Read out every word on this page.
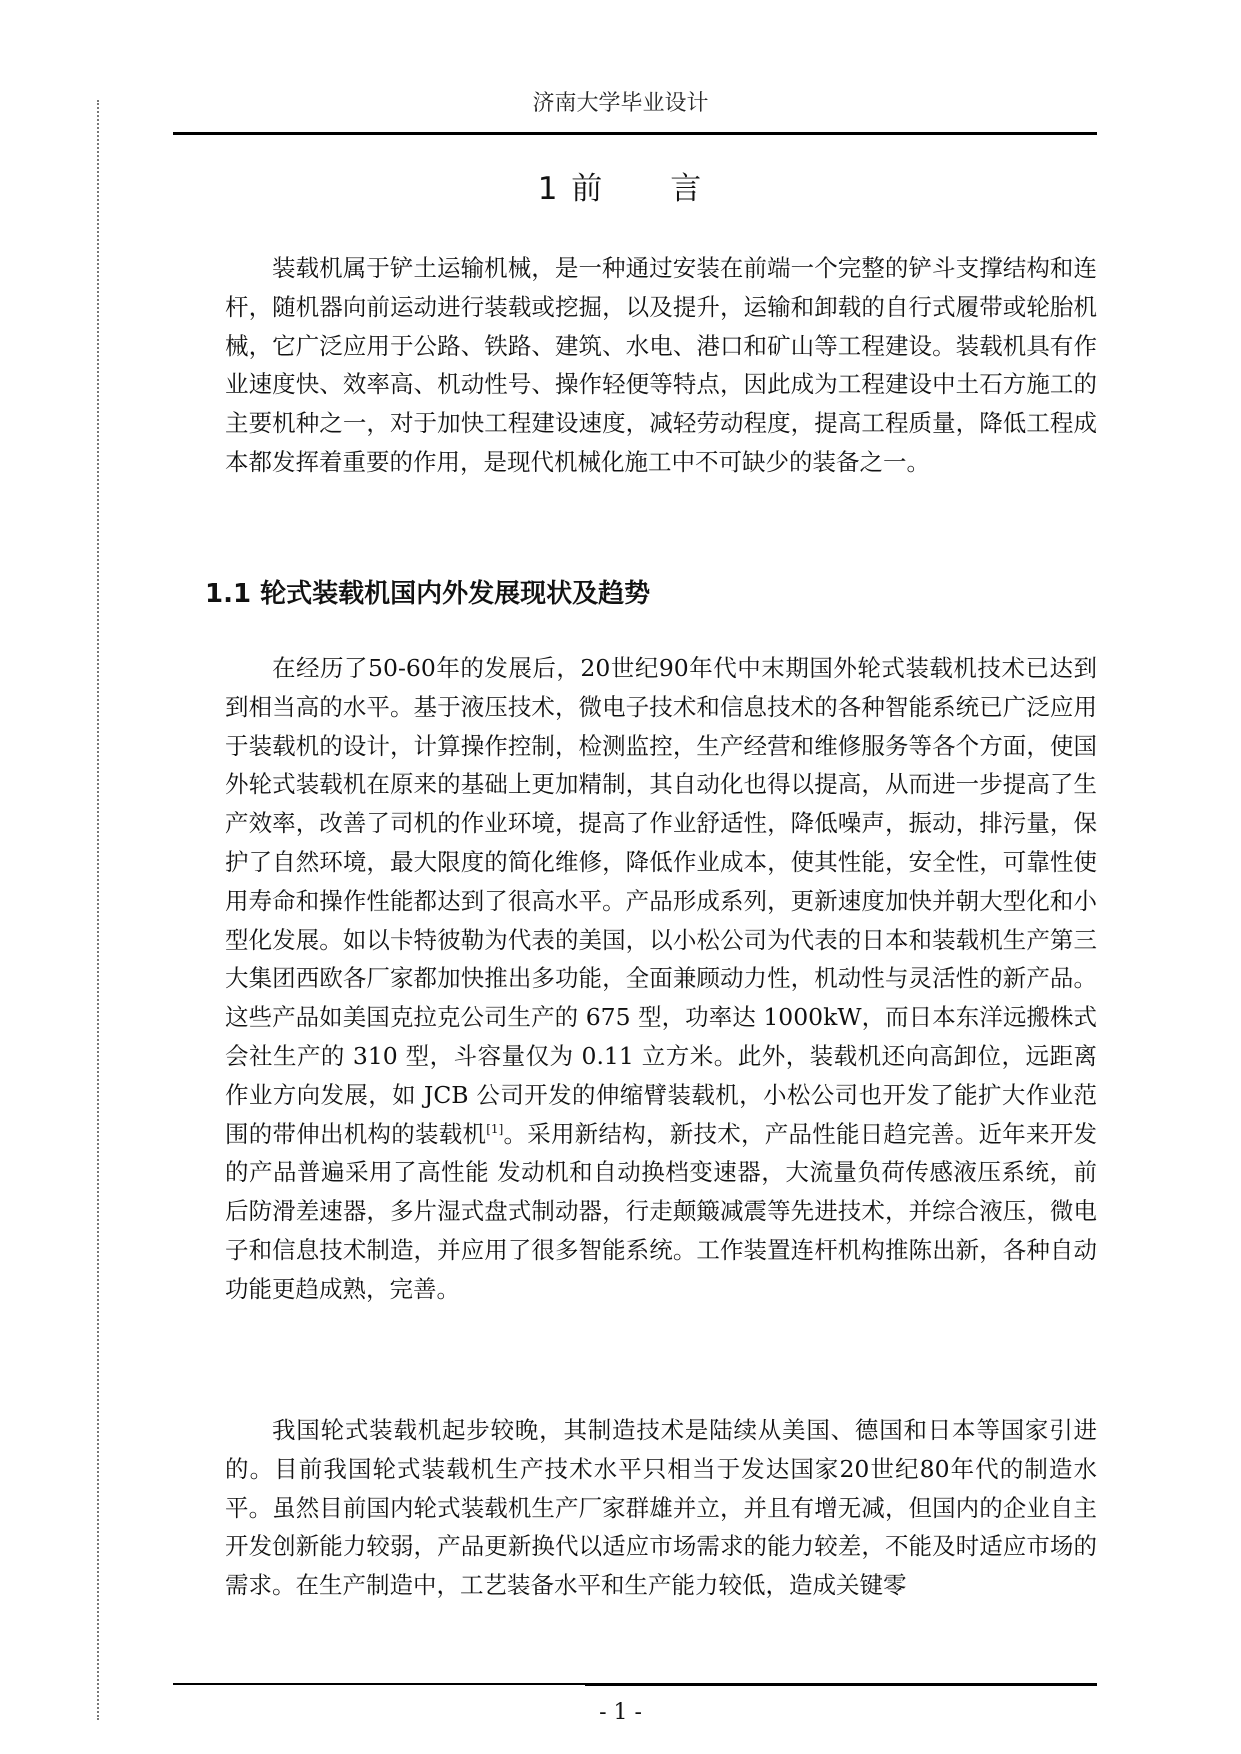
济南大学毕业设计
1 前　　言

装载机属于铲土运输机械，是一种通过安装在前端一个完整的铲斗支撑结构和连杆，随机器向前运动进行装载或挖掘，以及提升，运输和卸载的自行式履带或轮胎机械，它广泛应用于公路、铁路、建筑、水电、港口和矿山等工程建设。装载机具有作业速度快、效率高、机动性号、操作轻便等特点，因此成为工程建设中土石方施工的主要机种之一，对于加快工程建设速度，减轻劳动程度，提高工程质量，降低工程成本都发挥着重要的作用，是现代机械化施工中不可缺少的装备之一。

1.1 轮式装载机国内外发展现状及趋势

在经历了50-60年的发展后，20世纪90年代中末期国外轮式装载机技术已达到到相当高的水平。基于液压技术，微电子技术和信息技术的各种智能系统已广泛应用于装载机的设计，计算操作控制，检测监控，生产经营和维修服务等各个方面，使国外轮式装载机在原来的基础上更加精制，其自动化也得以提高，从而进一步提高了生产效率，改善了司机的作业环境，提高了作业舒适性，降低噪声，振动，排污量，保护了自然环境，最大限度的简化维修，降低作业成本，使其性能，安全性，可靠性使用寿命和操作性能都达到了很高水平。产品形成系列，更新速度加快并朝大型化和小型化发展。如以卡特彼勒为代表的美国，以小松公司为代表的日本和装载机生产第三大集团西欧各厂家都加快推出多功能，全面兼顾动力性，机动性与灵活性的新产品。这些产品如美国克拉克公司生产的 675 型，功率达 1000kW，而日本东洋远搬株式会社生产的 310 型，斗容量仅为 0.11 立方米。此外，装载机还向高卸位，远距离作业方向发展，如 JCB 公司开发的伸缩臂装载机，小松公司也开发了能扩大作业范围的带伸出机构的装载机[1]。采用新结构，新技术，产品性能日趋完善。近年来开发的产品普遍采用了高性能 发动机和自动换档变速器，大流量负荷传感液压系统，前后防滑差速器，多片湿式盘式制动器，行走颠簸减震等先进技术，并综合液压，微电子和信息技术制造，并应用了很多智能系统。工作装置连杆机构推陈出新，各种自动功能更趋成熟，完善。

我国轮式装载机起步较晚，其制造技术是陆续从美国、德国和日本等国家引进的。目前我国轮式装载机生产技术水平只相当于发达国家20世纪80年代的制造水平。虽然目前国内轮式装载机生产厂家群雄并立，并且有增无减，但国内的企业自主开发创新能力较弱，产品更新换代以适应市场需求的能力较差，不能及时适应市场的需求。在生产制造中，工艺装备水平和生产能力较低，造成关键零

- 1 -
